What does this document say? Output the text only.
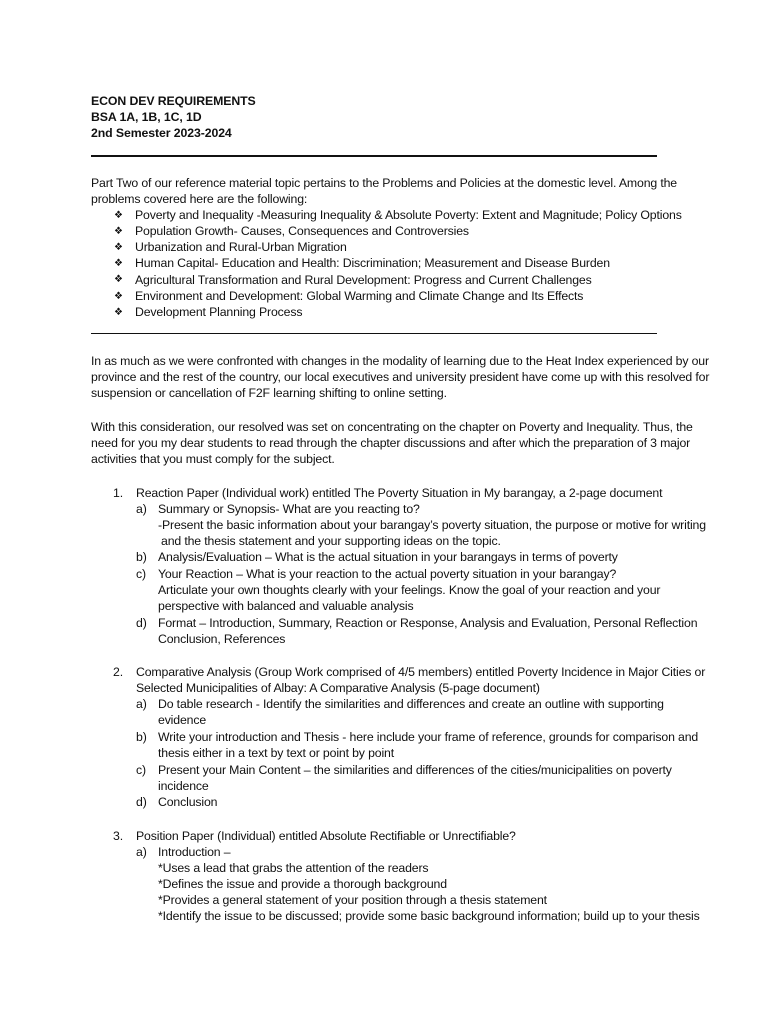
ECON DEV REQUIREMENTS
BSA 1A, 1B, 1C, 1D
2nd Semester 2023-2024
Part Two of our reference material topic pertains to the Problems and Policies at the domestic level. Among the
problems covered here are the following:
❖ Poverty and Inequality -Measuring Inequality & Absolute Poverty: Extent and Magnitude; Policy Options
❖ Population Growth- Causes, Consequences and Controversies
❖ Urbanization and Rural-Urban Migration
❖ Human Capital- Education and Health: Discrimination; Measurement and Disease Burden
❖ Agricultural Transformation and Rural Development: Progress and Current Challenges
❖ Environment and Development: Global Warming and Climate Change and Its Effects
❖ Development Planning Process
In as much as we were confronted with changes in the modality of learning due to the Heat Index experienced by our
province and the rest of the country, our local executives and university president have come up with this resolved for
suspension or cancellation of F2F learning shifting to online setting.
With this consideration, our resolved was set on concentrating on the chapter on Poverty and Inequality. Thus, the
need for you my dear students to read through the chapter discussions and after which the preparation of 3 major
activities that you must comply for the subject.
1. Reaction Paper (Individual work) entitled The Poverty Situation in My barangay, a 2-page document
a) Summary or Synopsis- What are you reacting to?
-Present the basic information about your barangay’s poverty situation, the purpose or motive for writing
and the thesis statement and your supporting ideas on the topic.
b) Analysis/Evaluation – What is the actual situation in your barangays in terms of poverty
c) Your Reaction – What is your reaction to the actual poverty situation in your barangay?
Articulate your own thoughts clearly with your feelings. Know the goal of your reaction and your
perspective with balanced and valuable analysis
d) Format – Introduction, Summary, Reaction or Response, Analysis and Evaluation, Personal Reflection
Conclusion, References
2. Comparative Analysis (Group Work comprised of 4/5 members) entitled Poverty Incidence in Major Cities or
Selected Municipalities of Albay: A Comparative Analysis (5-page document)
a) Do table research - Identify the similarities and differences and create an outline with supporting
evidence
b) Write your introduction and Thesis - here include your frame of reference, grounds for comparison and
thesis either in a text by text or point by point
c) Present your Main Content – the similarities and differences of the cities/municipalities on poverty
incidence
d) Conclusion
3. Position Paper (Individual) entitled Absolute Rectifiable or Unrectifiable?
a) Introduction –
*Uses a lead that grabs the attention of the readers
*Defines the issue and provide a thorough background
*Provides a general statement of your position through a thesis statement
*Identify the issue to be discussed; provide some basic background information; build up to your thesis
